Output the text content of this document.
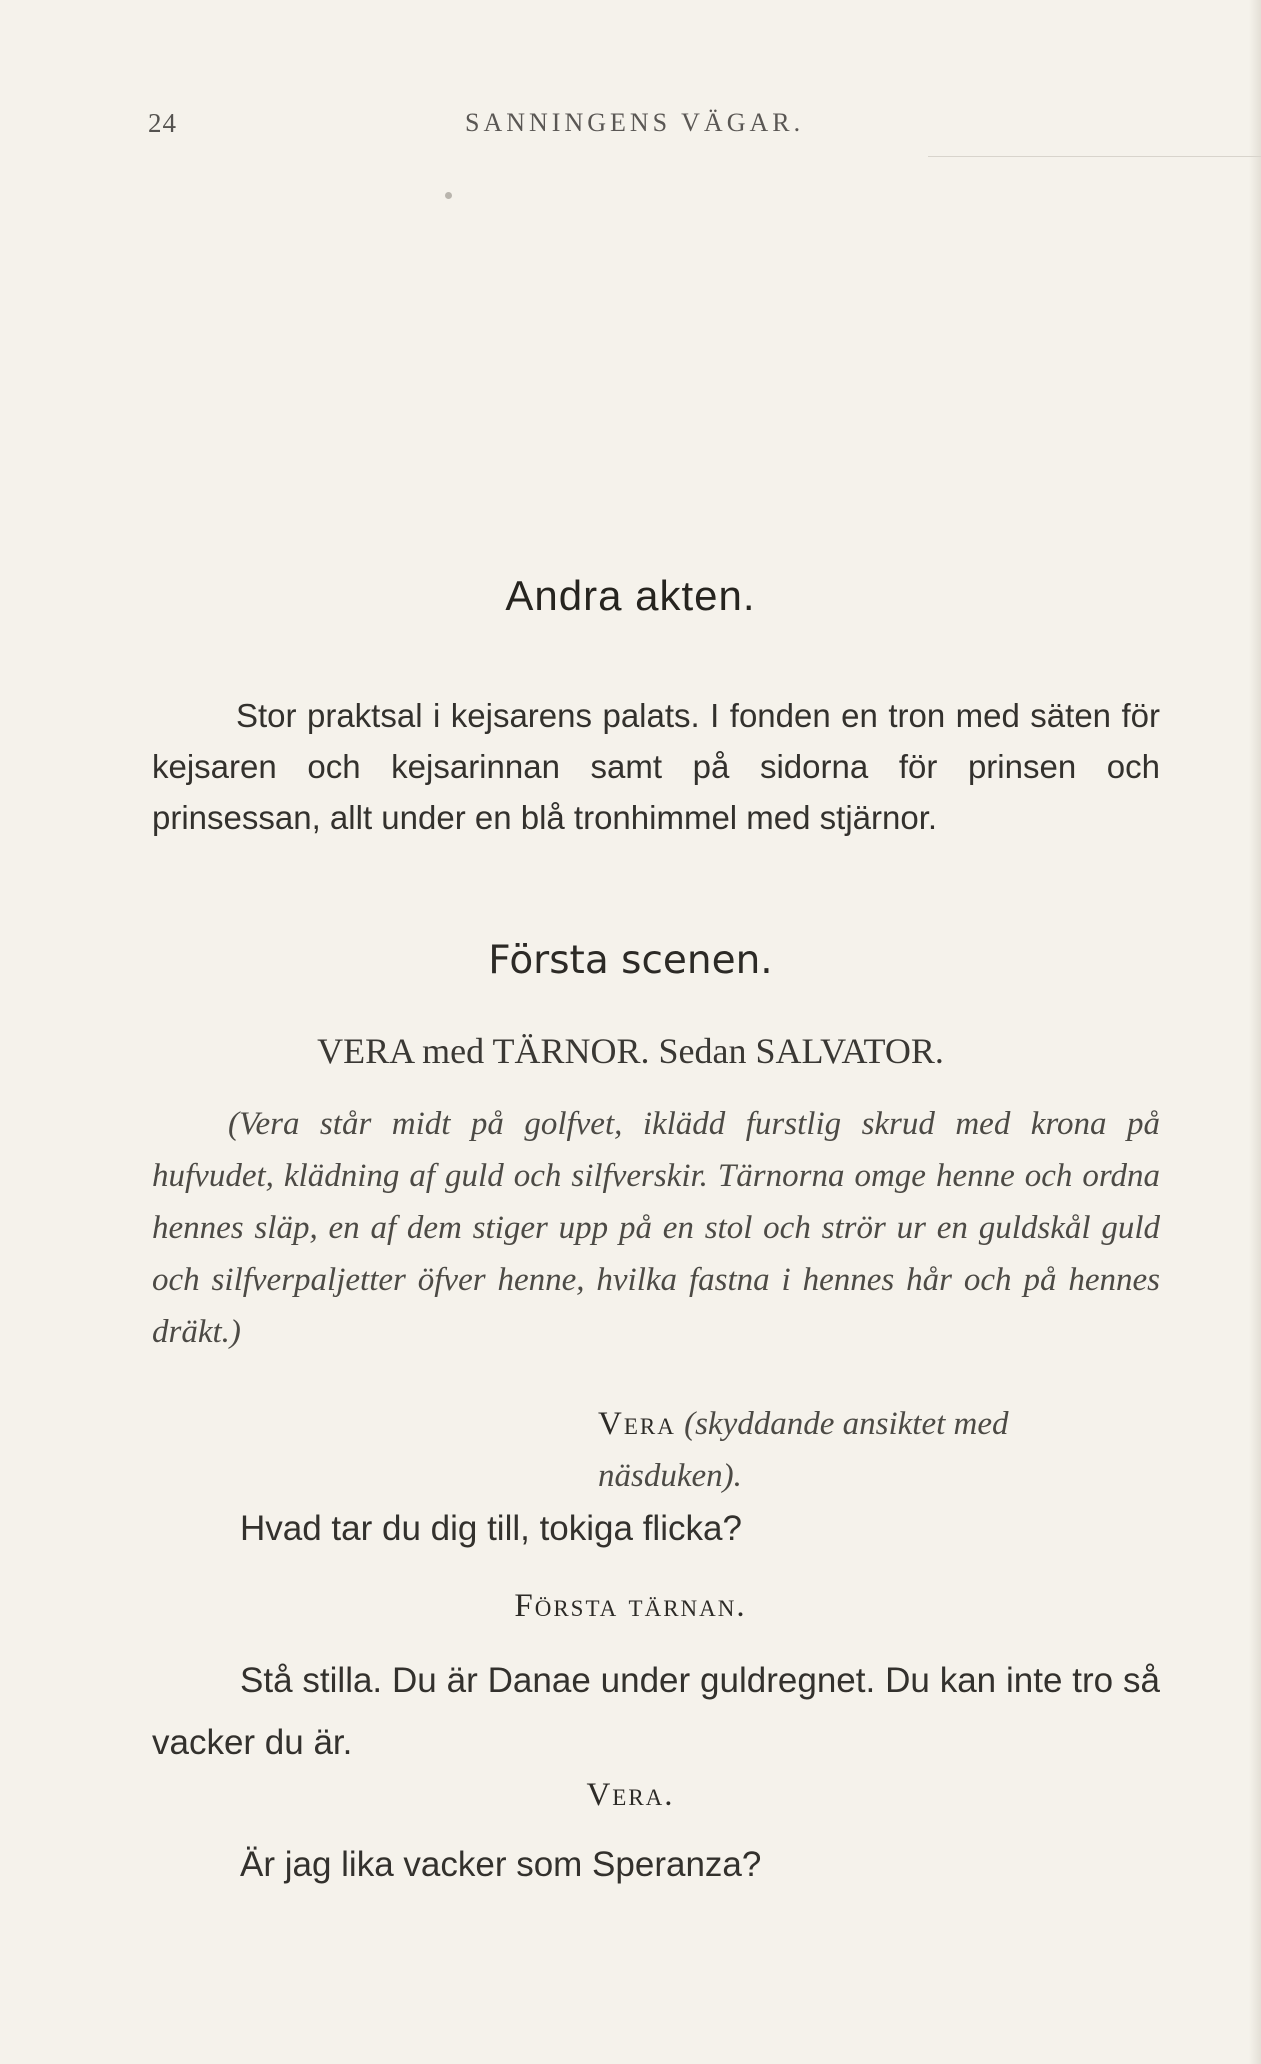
24	SANNINGENS VÄGAR.
Andra akten.
Stor praktsal i kejsarens palats. I fonden en tron med säten för kejsaren och kejsarinnan samt på sidorna för prinsen och prinsessan, allt under en blå tronhimmel med stjärnor.
Första scenen.
VERA med TÄRNOR. Sedan SALVATOR.
(Vera står midt på golfvet, iklädd furstlig skrud med krona på hufvudet, klädning af guld och silfverskir. Tärnorna omge henne och ordna hennes släp, en af dem stiger upp på en stol och strör ur en guldskål guld och silfverpaljetter öfver henne, hvilka fastna i hennes hår och på hennes dräkt.)
Vera (skyddande ansiktet med näsduken).
Hvad tar du dig till, tokiga flicka?
Första tärnan.
Stå stilla. Du är Danae under guldregnet. Du kan inte tro så vacker du är.
Vera.
Är jag lika vacker som Speranza?
